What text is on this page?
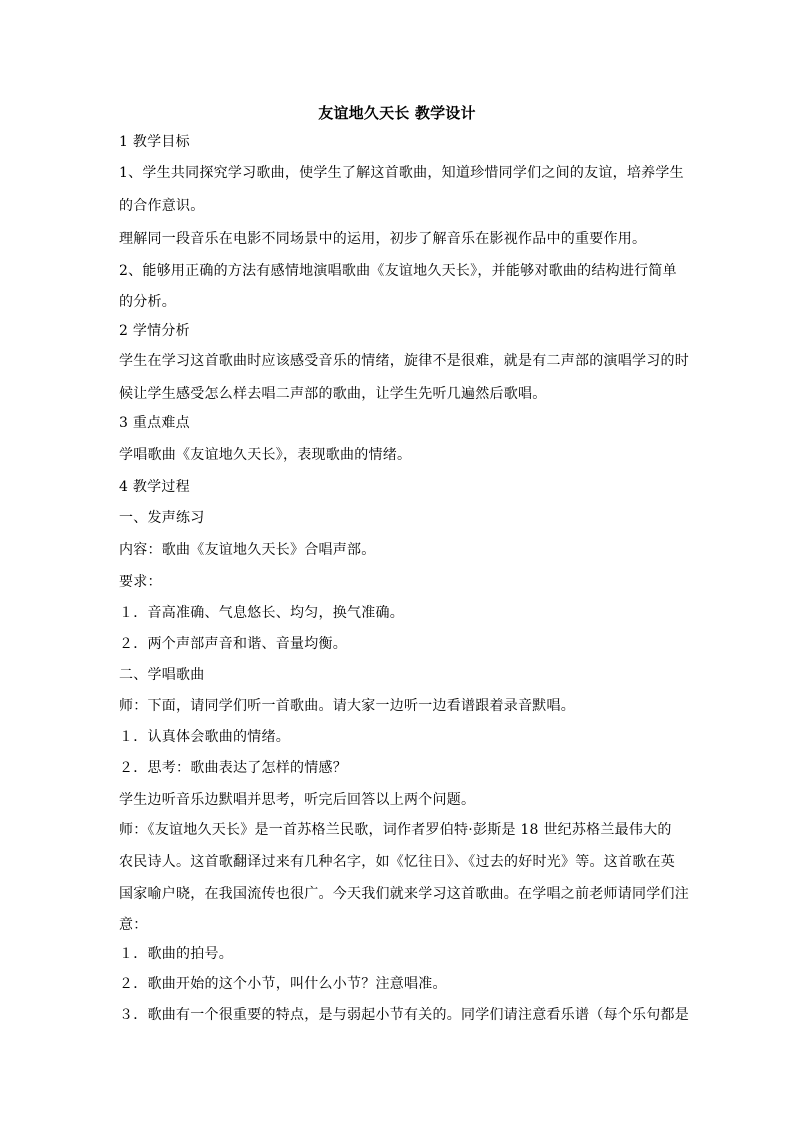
友谊地久天长 教学设计
1 教学目标
1、学生共同探究学习歌曲，使学生了解这首歌曲，知道珍惜同学们之间的友谊，培养学生
的合作意识。
理解同一段音乐在电影不同场景中的运用，初步了解音乐在影视作品中的重要作用。
2、能够用正确的方法有感情地演唱歌曲《友谊地久天长》，并能够对歌曲的结构进行简单
的分析。
2 学情分析
学生在学习这首歌曲时应该感受音乐的情绪，旋律不是很难，就是有二声部的演唱学习的时
候让学生感受怎么样去唱二声部的歌曲，让学生先听几遍然后歌唱。
3 重点难点
学唱歌曲《友谊地久天长》，表现歌曲的情绪。
4 教学过程
一、发声练习
内容：歌曲《友谊地久天长》合唱声部。
要求：
１．音高准确、气息悠长、均匀，换气准确。
２．两个声部声音和谐、音量均衡。
二、学唱歌曲
师：下面，请同学们听一首歌曲。请大家一边听一边看谱跟着录音默唱。
１．认真体会歌曲的情绪。
２．思考：歌曲表达了怎样的情感？
学生边听音乐边默唱并思考，听完后回答以上两个问题。
师：《友谊地久天长》是一首苏格兰民歌，词作者罗伯特·彭斯是 18 世纪苏格兰最伟大的
农民诗人。这首歌翻译过来有几种名字，如《忆往日》、《过去的好时光》等。这首歌在英
国家喻户晓，在我国流传也很广。今天我们就来学习这首歌曲。在学唱之前老师请同学们注
意：
１．歌曲的拍号。
２．歌曲开始的这个小节，叫什么小节？注意唱准。
３．歌曲有一个很重要的特点，是与弱起小节有关的。同学们请注意看乐谱（每个乐句都是
